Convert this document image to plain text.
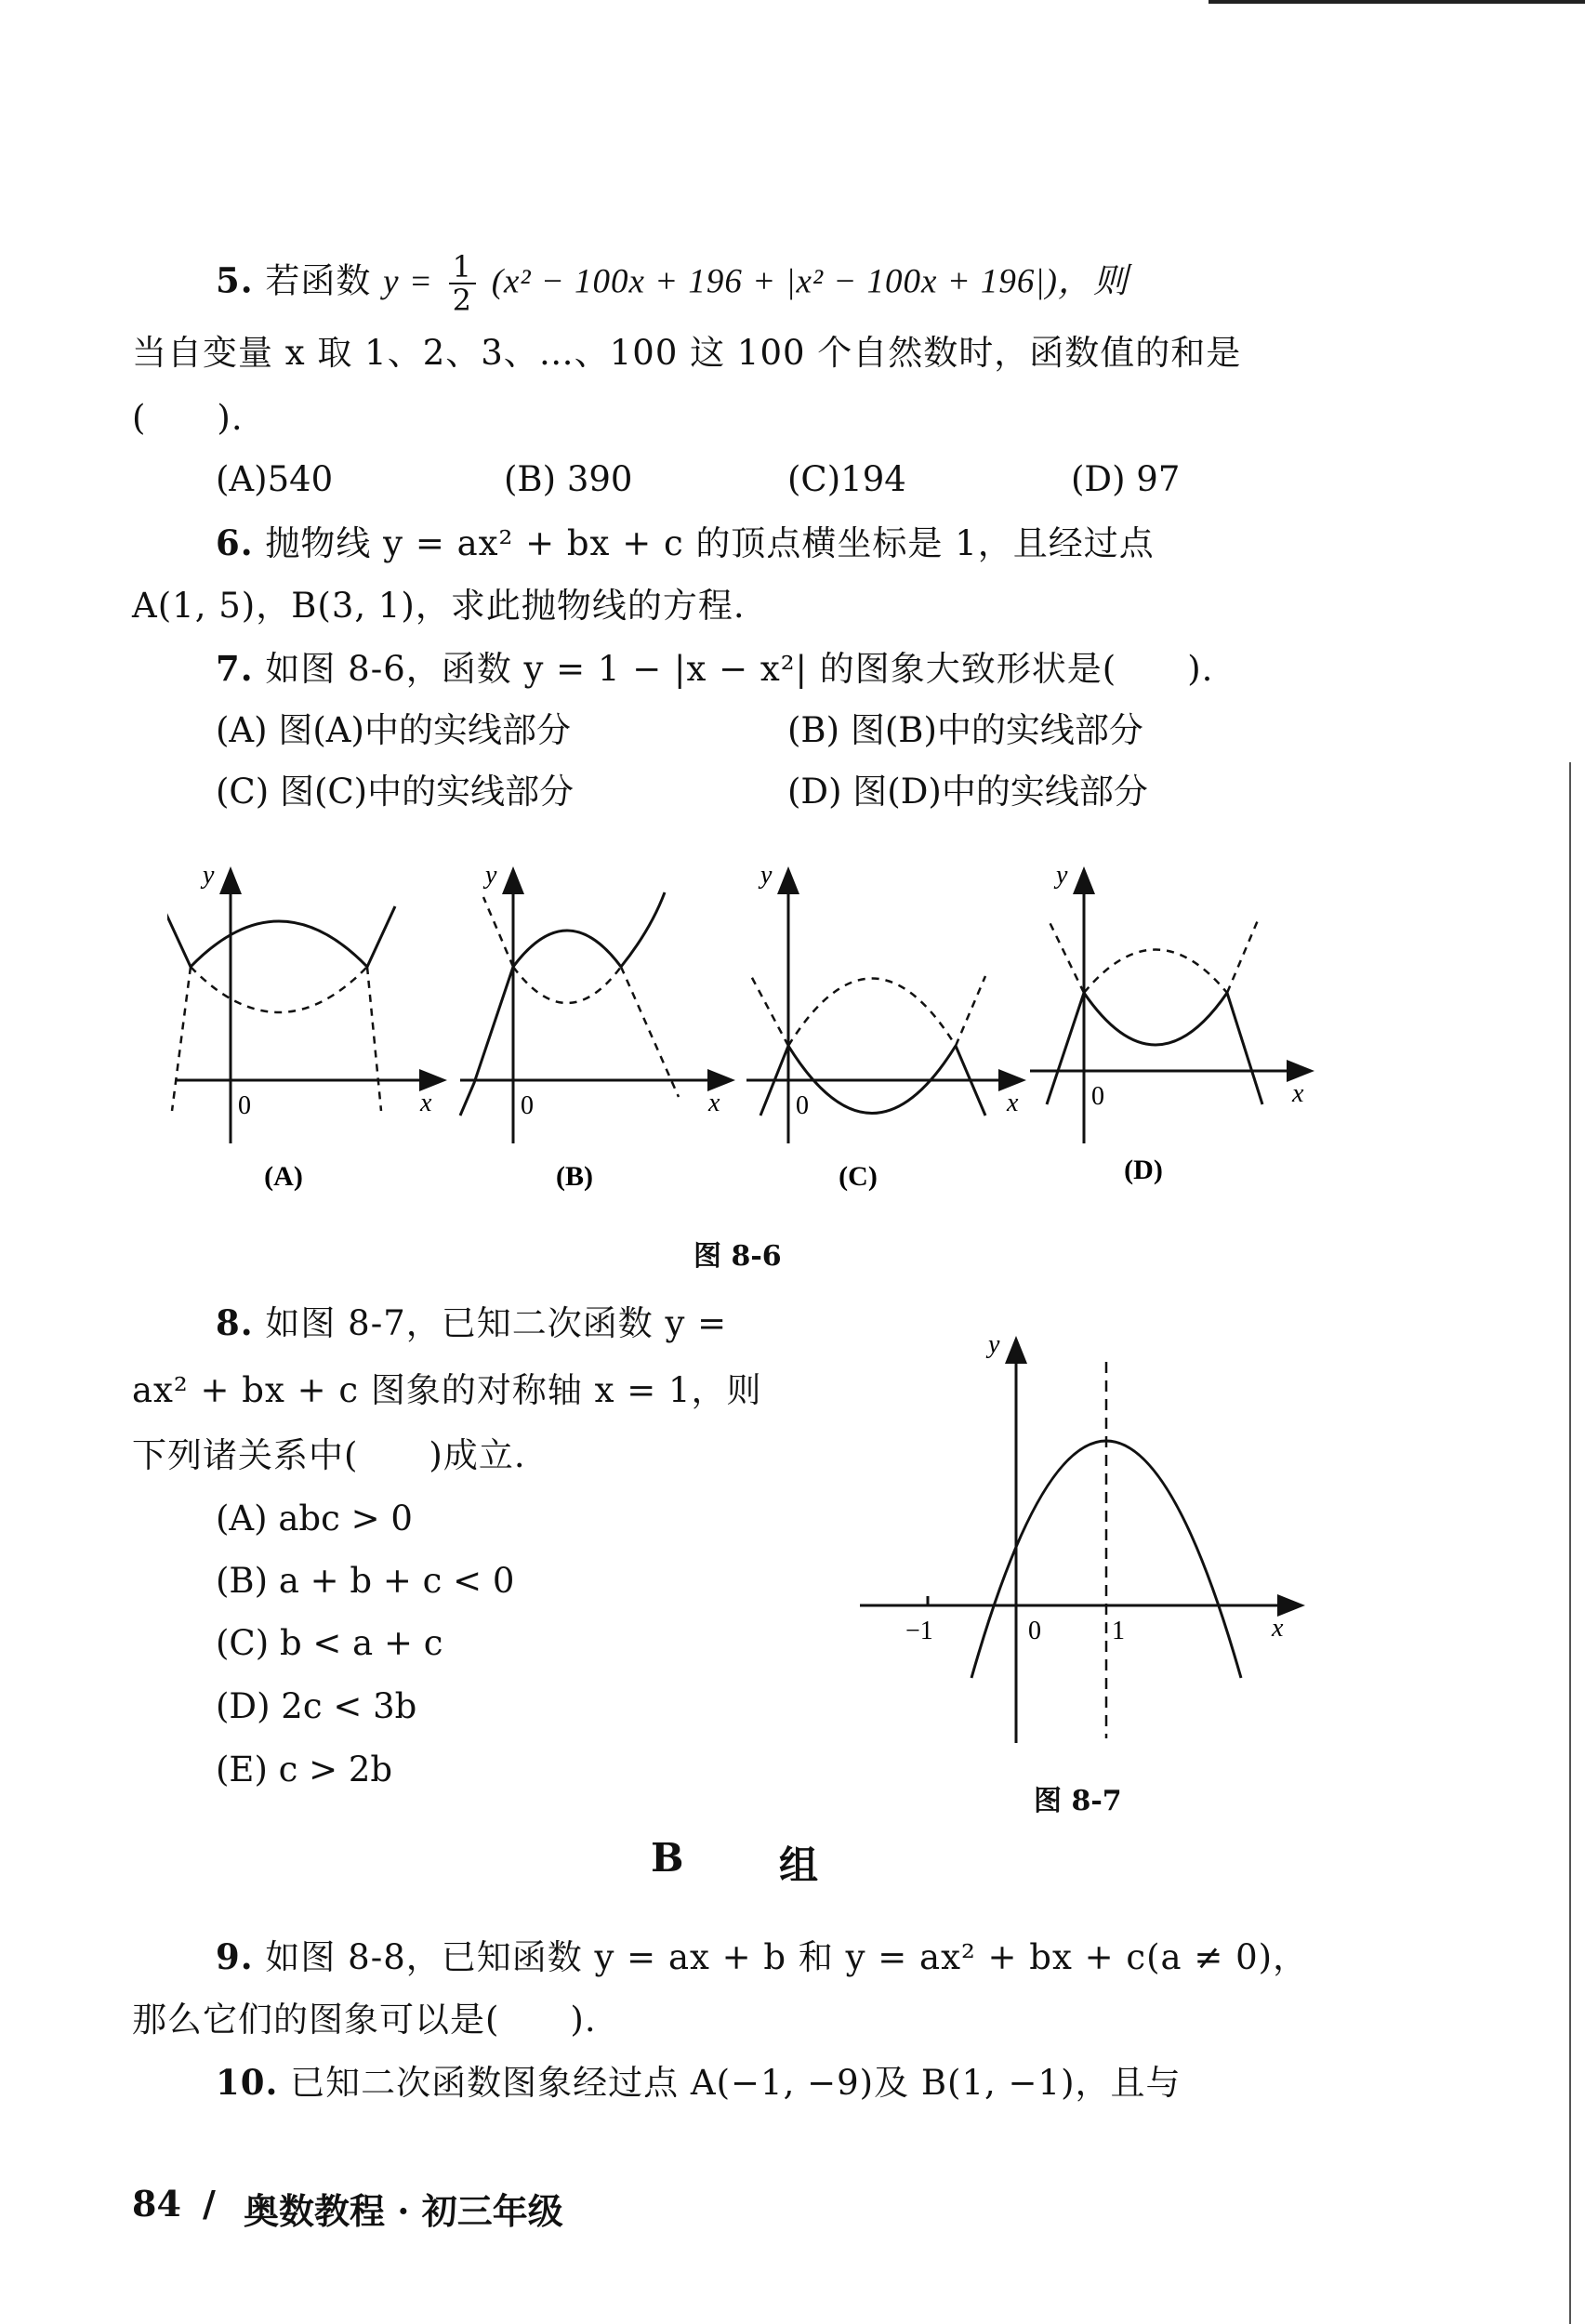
5. 若函数 $y = \frac{1}{2} (x^2 - 100x + 196 + |x^2 - 100x + 196|)$，则
当自变量 x 取 1、2、3、…、100 这 100 个自然数时，函数值的和是
(　　).
(A)540	(B) 390	(C)194	(D) 97
6. 抛物线 y = ax² + bx + c 的顶点横坐标是 1，且经过点
A(1, 5)，B(3, 1)，求此抛物线的方程.
7. 如图 8-6，函数 y = 1 − |x − x²| 的图象大致形状是(　　).
(A) 图(A)中的实线部分	(B) 图(B)中的实线部分
(C) 图(C)中的实线部分	(D) 图(D)中的实线部分
y
x
0
(A)
y
x
0
(B)
y
x
0
(C)
y
x
0
(D)
图 8-6
8. 如图 8-7，已知二次函数 y =
ax² + bx + c 图象的对称轴 x = 1，则
下列诸关系中(　　)成立.
(A) abc > 0
(B) a + b + c < 0
(C) b < a + c
(D) 2c < 3b
(E) c > 2b
y
x
−1	0	1
图 8-7
B 组
9. 如图 8-8，已知函数 y = ax + b 和 y = ax² + bx + c(a ≠ 0)，
那么它们的图象可以是(　　).
10. 已知二次函数图象经过点 A(−1, −9)及 B(1, −1)，且与
84 / 奥数教程 · 初三年级
